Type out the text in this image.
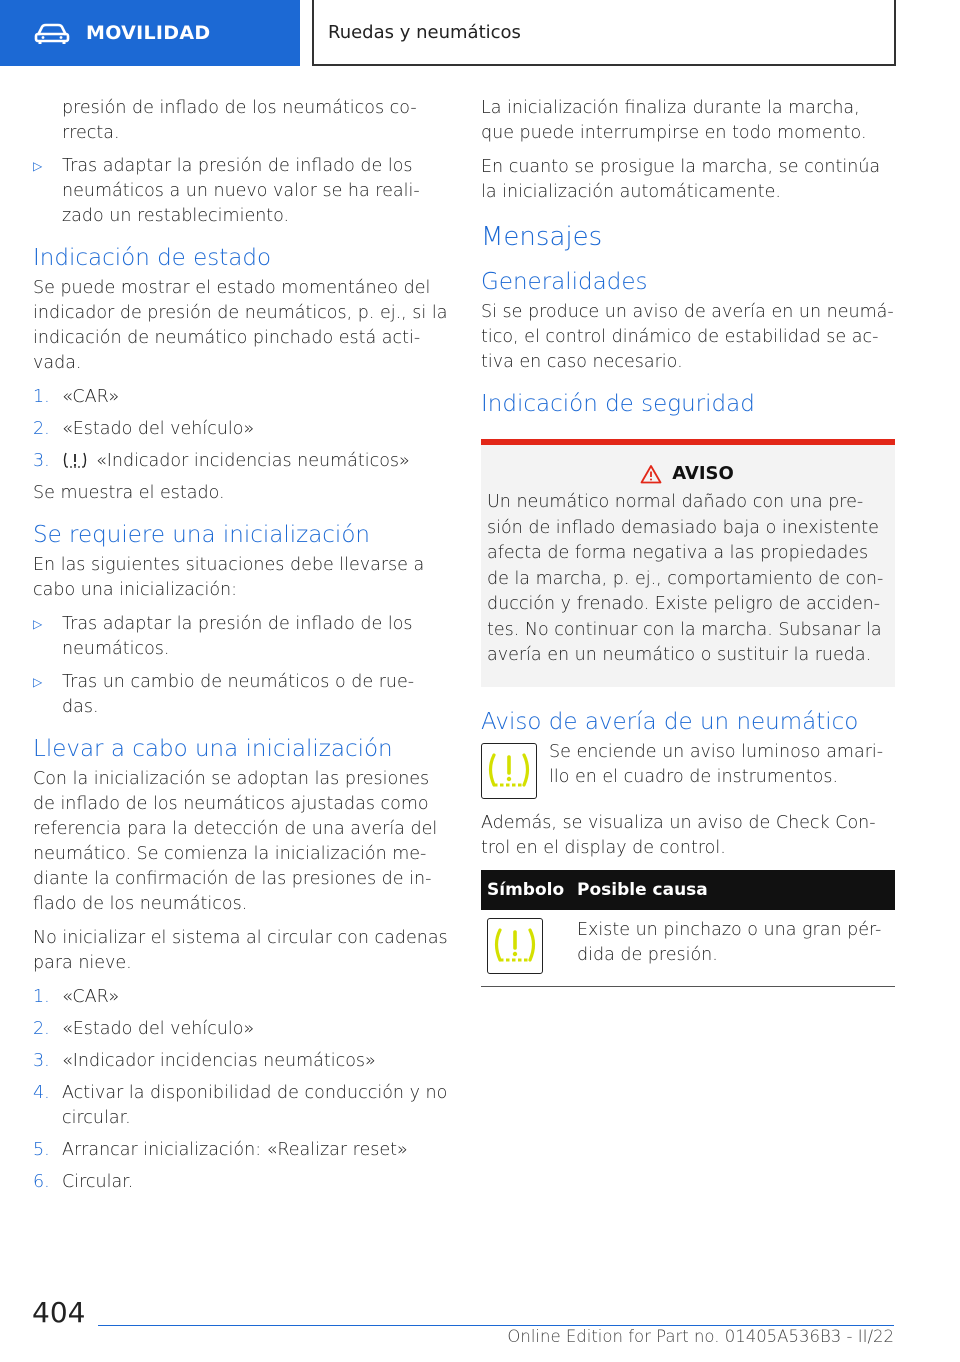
MOVILIDAD	Ruedas y neumáticos
presión de inflado de los neumáticos co‐rrecta.
▷	Tras adaptar la presión de inflado de los neumáticos a un nuevo valor se ha reali‐zado un restablecimiento.
Indicación de estado

Se puede mostrar el estado momentáneo del indicador de presión de neumáticos, p. ej., si la indicación de neumático pinchado está acti‐vada.

1. «CAR»
2. «Estado del vehículo»
3.	«Indicador incidencias neumáticos»

Se muestra el estado.

Se requiere una inicialización

En las siguientes situaciones debe llevarse a cabo una inicialización:

▷	Tras adaptar la presión de inflado de los neumáticos.
▷	Tras un cambio de neumáticos o de rue‐das.
Llevar a cabo una inicialización

Con la inicialización se adoptan las presiones de inflado de los neumáticos ajustadas como referencia para la detección de una avería del neumático. Se comienza la inicialización me‐diante la confirmación de las presiones de in‐flado de los neumáticos.

No inicializar el sistema al circular con cadenas para nieve.

1. «CAR»
2. «Estado del vehículo»
3. «Indicador incidencias neumáticos»
4. Activar la disponibilidad de conducción y no circular.
5. Arrancar inicialización: «Realizar reset»
6. Circular.

La inicialización finaliza durante la marcha, que puede interrumpirse en todo momento.

En cuanto se prosigue la marcha, se continúa la inicialización automáticamente.

Mensajes
Generalidades

Si se produce un aviso de avería en un neumá‐tico, el control dinámico de estabilidad se ac‐tiva en caso necesario.

Indicación de seguridad
AVISO

Un neumático normal dañado con una pre‐sión de inflado demasiado baja o inexistente afecta de forma negativa a las propiedades de la marcha, p. ej., comportamiento de con‐ducción y frenado. Existe peligro de acciden‐tes. No continuar con la marcha. Subsanar la avería en un neumático o sustituir la rueda.

Aviso de avería de un neumático
Se enciende un aviso luminoso amari‐llo en el cuadro de instrumentos.

Además, se visualiza un aviso de Check Con‐trol en el display de control.

Símbolo	Posible causa

	Existe un pinchazo o una gran pér‐dida de presión.
404
Online Edition for Part no. 01405A536B3 - II/22
